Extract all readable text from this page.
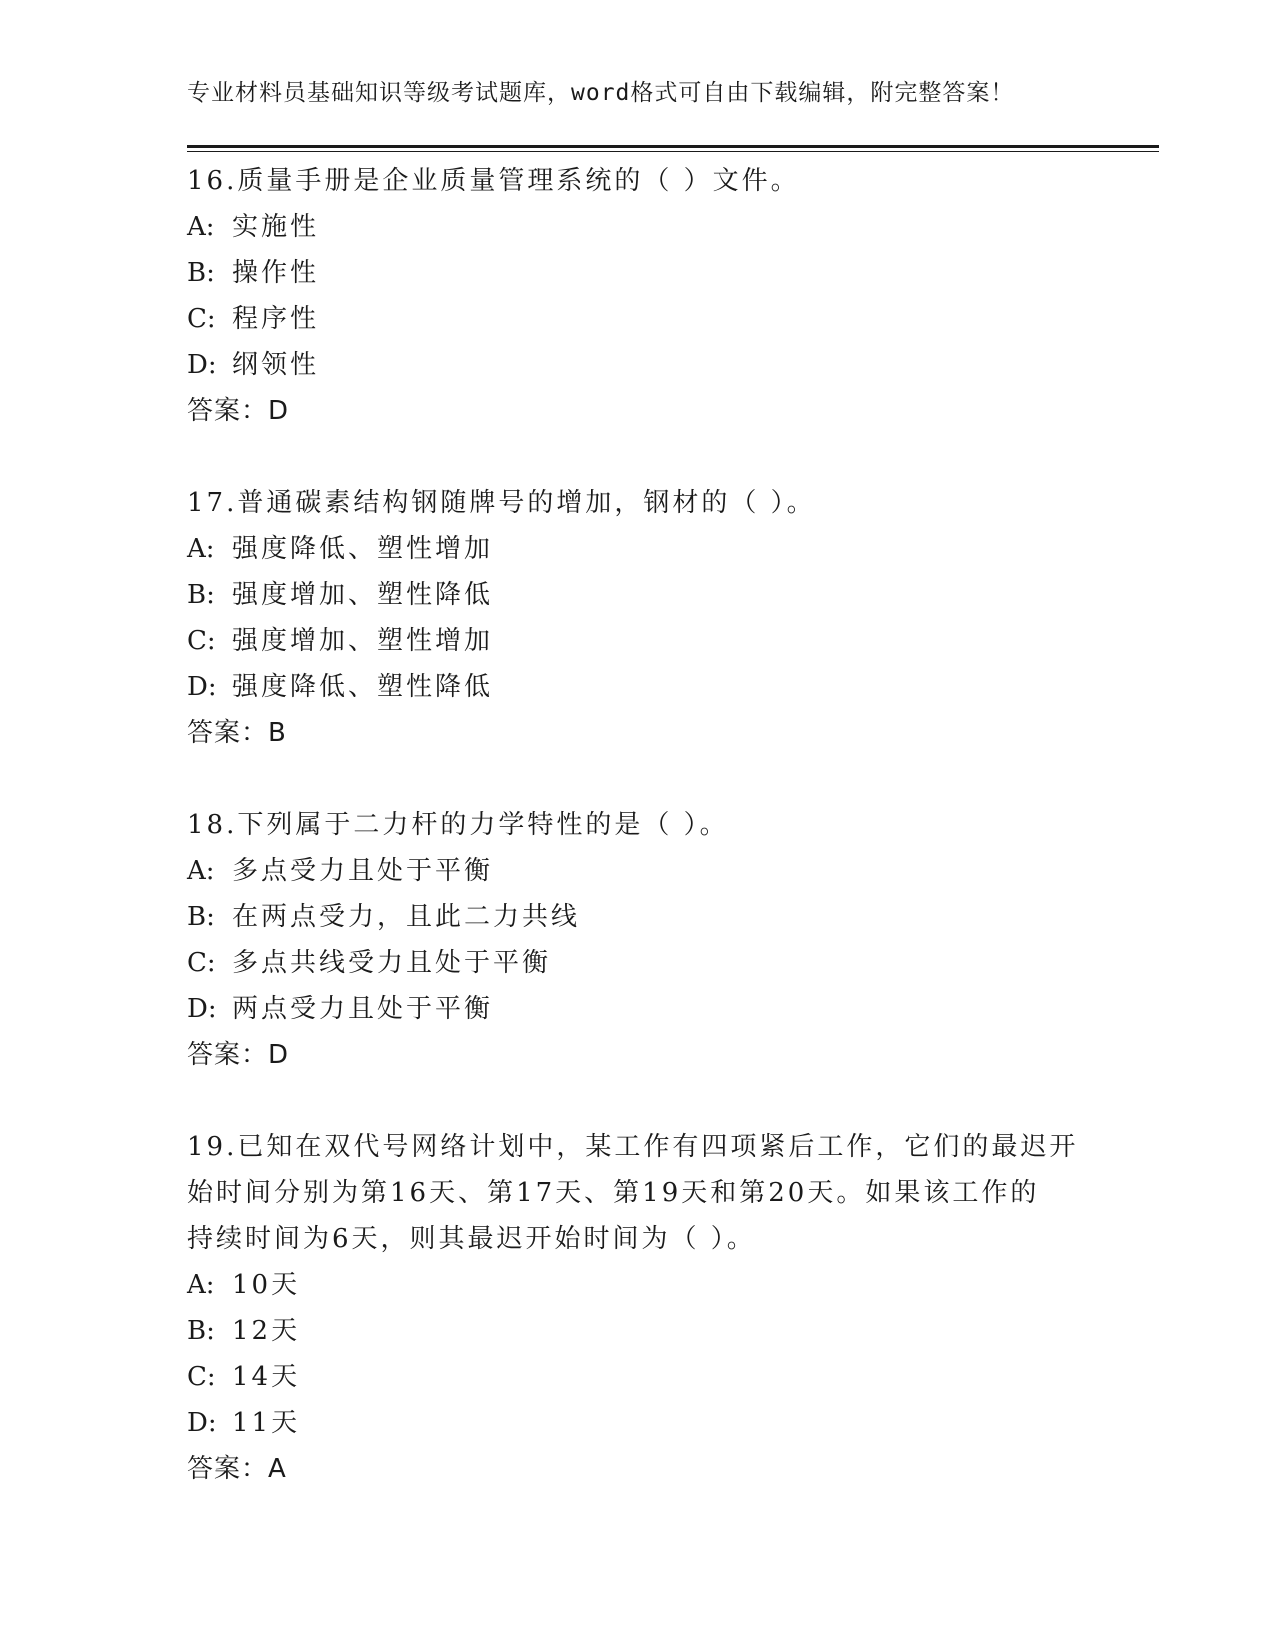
专业材料员基础知识等级考试题库，word格式可自由下载编辑，附完整答案！
16.质量手册是企业质量管理系统的（ ）文件。
A: 实施性
B: 操作性
C: 程序性
D: 纲领性
答案：D
17.普通碳素结构钢随牌号的增加，钢材的（ ）。
A: 强度降低、塑性增加
B: 强度增加、塑性降低
C: 强度增加、塑性增加
D: 强度降低、塑性降低
答案：B
18.下列属于二力杆的力学特性的是（ ）。
A: 多点受力且处于平衡
B: 在两点受力，且此二力共线
C: 多点共线受力且处于平衡
D: 两点受力且处于平衡
答案：D
19.已知在双代号网络计划中，某工作有四项紧后工作，它们的最迟开
始时间分别为第16天、第17天、第19天和第20天。如果该工作的
持续时间为6天，则其最迟开始时间为（ ）。
A: 10天
B: 12天
C: 14天
D: 11天
答案：A
